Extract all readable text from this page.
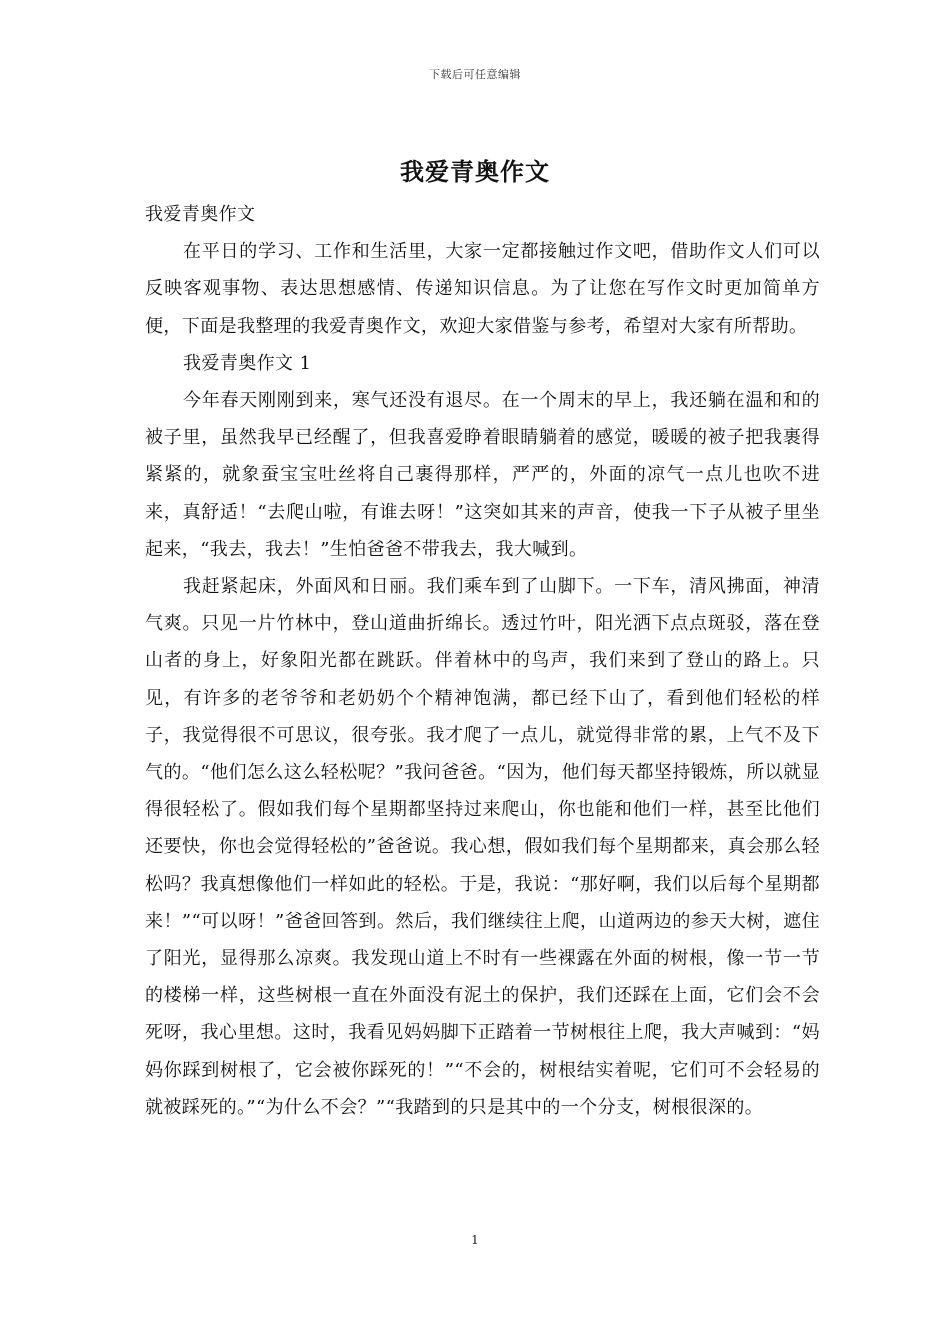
下载后可任意编辑
我爱青奥作文

我爱青奥作文

在平日的学习、工作和生活里，大家一定都接触过作文吧，借助作文人们可以反映客观事物、表达思想感情、传递知识信息。为了让您在写作文时更加简单方便，下面是我整理的我爱青奥作文，欢迎大家借鉴与参考，希望对大家有所帮助。

我爱青奥作文 1

今年春天刚刚到来，寒气还没有退尽。在一个周末的早上，我还躺在温和和的被子里，虽然我早已经醒了，但我喜爱睁着眼睛躺着的感觉，暖暖的被子把我裹得紧紧的，就象蚕宝宝吐丝将自己裹得那样，严严的，外面的凉气一点儿也吹不进来，真舒适！“去爬山啦，有谁去呀！”这突如其来的声音，使我一下子从被子里坐起来，“我去，我去！”生怕爸爸不带我去，我大喊到。

我赶紧起床，外面风和日丽。我们乘车到了山脚下。一下车，清风拂面，神清气爽。只见一片竹林中，登山道曲折绵长。透过竹叶，阳光洒下点点斑驳，落在登山者的身上，好象阳光都在跳跃。伴着林中的鸟声，我们来到了登山的路上。只见，有许多的老爷爷和老奶奶个个精神饱满，都已经下山了，看到他们轻松的样子，我觉得很不可思议，很夸张。我才爬了一点儿，就觉得非常的累，上气不及下气的。“他们怎么这么轻松呢？”我问爸爸。“因为，他们每天都坚持锻炼，所以就显得很轻松了。假如我们每个星期都坚持过来爬山，你也能和他们一样，甚至比他们还要快，你也会觉得轻松的”爸爸说。我心想，假如我们每个星期都来，真会那么轻松吗？我真想像他们一样如此的轻松。于是，我说：“那好啊，我们以后每个星期都来！”“可以呀！”爸爸回答到。然后，我们继续往上爬，山道两边的参天大树，遮住了阳光，显得那么凉爽。我发现山道上不时有一些裸露在外面的树根，像一节一节的楼梯一样，这些树根一直在外面没有泥土的保护，我们还踩在上面，它们会不会死呀，我心里想。这时，我看见妈妈脚下正踏着一节树根往上爬，我大声喊到：“妈妈你踩到树根了，它会被你踩死的！”“不会的，树根结实着呢，它们可不会轻易的就被踩死的。”“为什么不会？”“我踏到的只是其中的一个分支，树根很深的。

1
